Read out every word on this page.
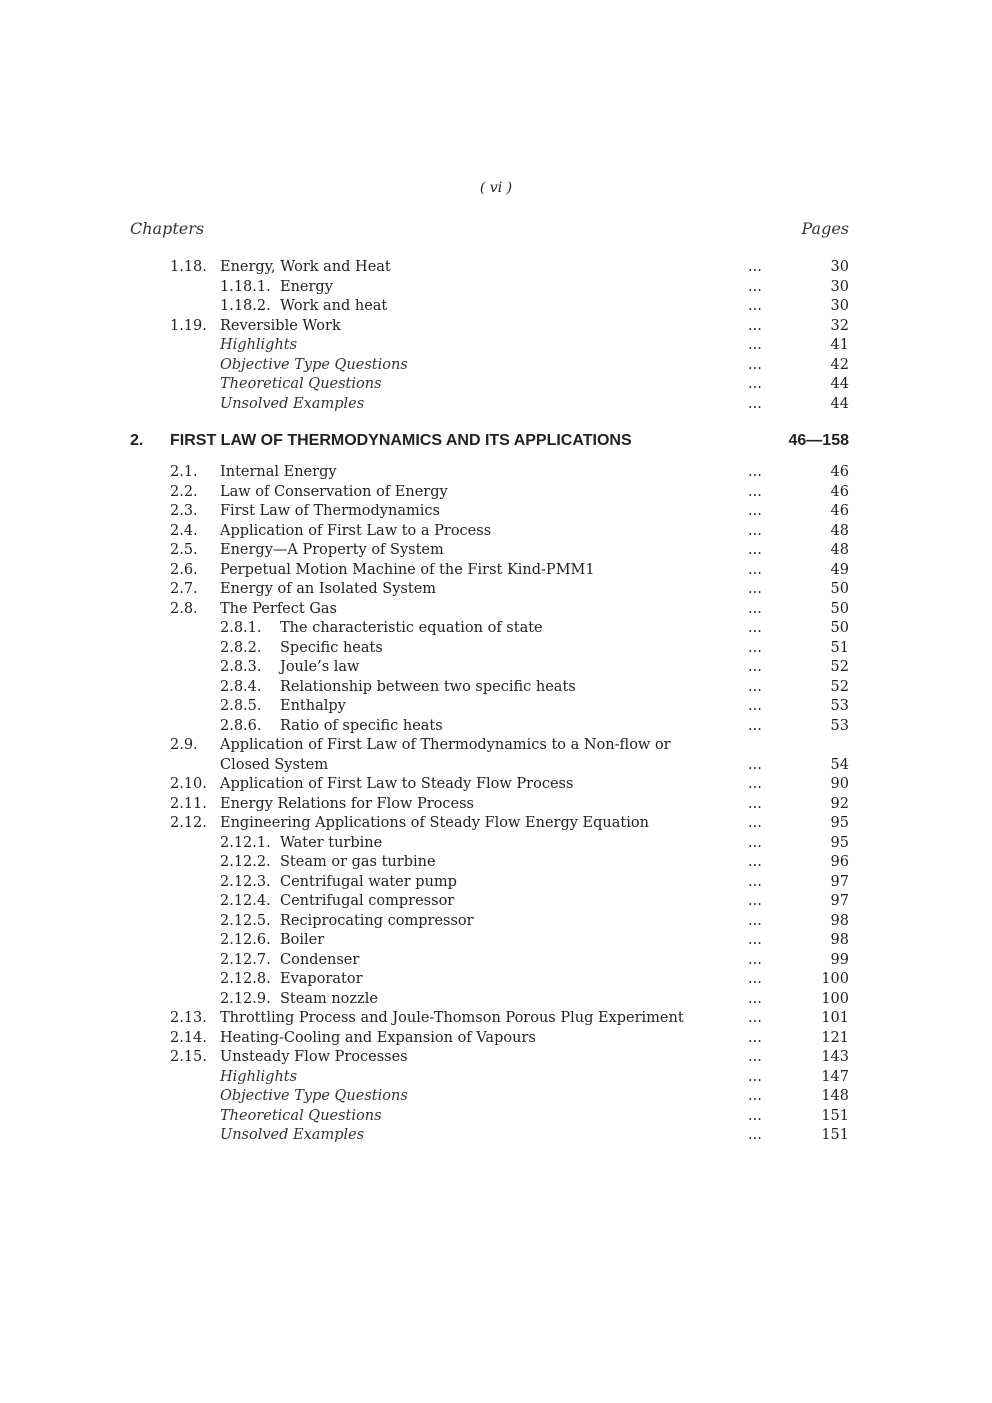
( vi )
Chapters	Pages
1.18. Energy, Work and Heat	...	30
1.18.1. Energy	...	30
1.18.2. Work and heat	...	30
1.19. Reversible Work	...	32
Highlights	...	41
Objective Type Questions	...	42
Theoretical Questions	...	44
Unsolved Examples	...	44
2. FIRST LAW OF THERMODYNAMICS AND ITS APPLICATIONS	46—158
2.1. Internal Energy	...	46
2.2. Law of Conservation of Energy	...	46
2.3. First Law of Thermodynamics	...	46
2.4. Application of First Law to a Process	...	48
2.5. Energy—A Property of System	...	48
2.6. Perpetual Motion Machine of the First Kind-PMM1	...	49
2.7. Energy of an Isolated System	...	50
2.8. The Perfect Gas	...	50
2.8.1. The characteristic equation of state	...	50
2.8.2. Specific heats	...	51
2.8.3. Joule’s law	...	52
2.8.4. Relationship between two specific heats	...	52
2.8.5. Enthalpy	...	53
2.8.6. Ratio of specific heats	...	53
2.9. Application of First Law of Thermodynamics to a Non-flow or
Closed System	...	54
2.10. Application of First Law to Steady Flow Process	...	90
2.11. Energy Relations for Flow Process	...	92
2.12. Engineering Applications of Steady Flow Energy Equation	...	95
2.12.1. Water turbine	...	95
2.12.2. Steam or gas turbine	...	96
2.12.3. Centrifugal water pump	...	97
2.12.4. Centrifugal compressor	...	97
2.12.5. Reciprocating compressor	...	98
2.12.6. Boiler	...	98
2.12.7. Condenser	...	99
2.12.8. Evaporator	...	100
2.12.9. Steam nozzle	...	100
2.13. Throttling Process and Joule-Thomson Porous Plug Experiment	...	101
2.14. Heating-Cooling and Expansion of Vapours	...	121
2.15. Unsteady Flow Processes	...	143
Highlights	...	147
Objective Type Questions	...	148
Theoretical Questions	...	151
Unsolved Examples	...	151
